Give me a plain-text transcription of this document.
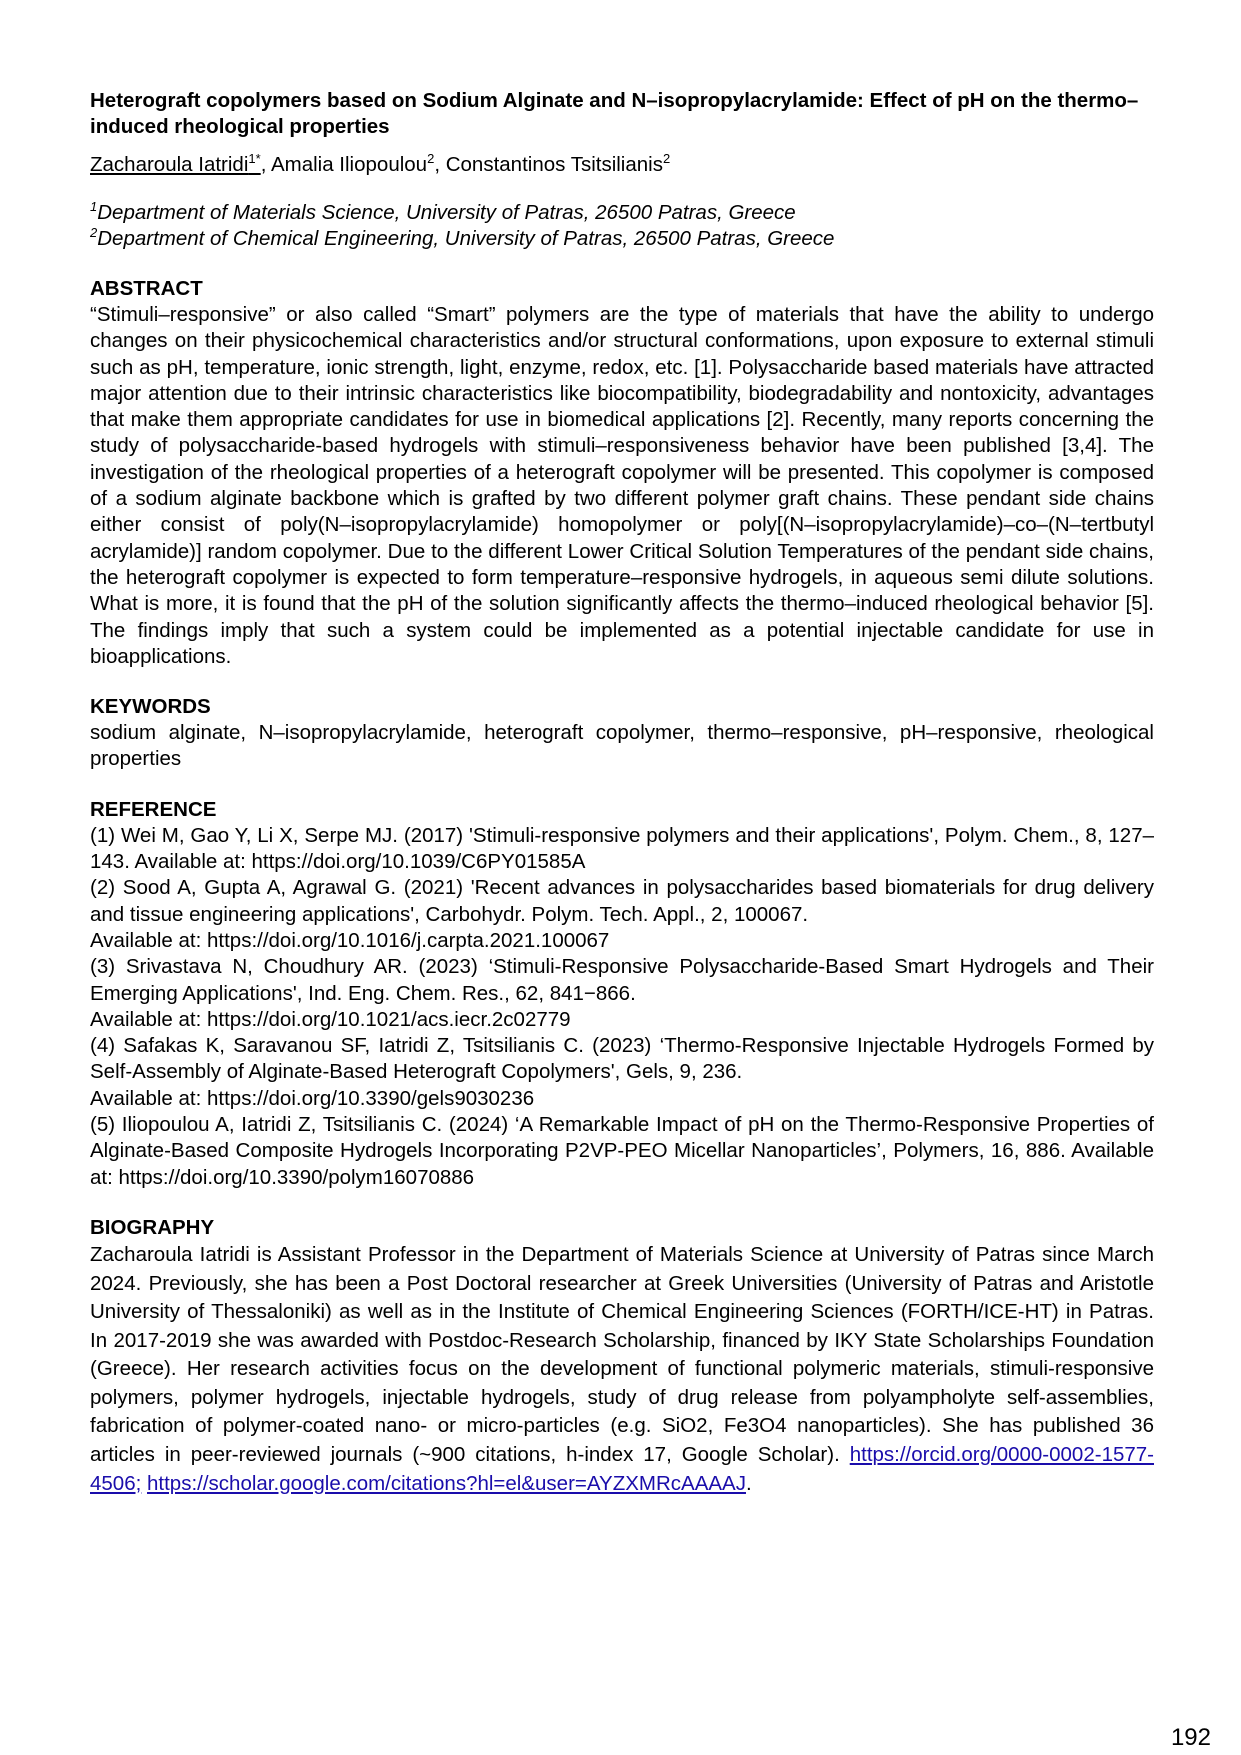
Heterograft copolymers based on Sodium Alginate and N–isopropylacrylamide: Effect of pH on the thermo–induced rheological properties

Zacharoula Iatridi$^{1*}$, Amalia Iliopoulou$^2$, Constantinos Tsitsilianis$^2$
$^1$Department of Materials Science, University of Patras, 26500 Patras, Greece
$^2$Department of Chemical Engineering, University of Patras, 26500 Patras, Greece

ABSTRACT

“Stimuli–responsive” or also called “Smart” polymers are the type of materials that have the ability to undergo changes on their physicochemical characteristics and/or structural conformations, upon exposure to external stimuli such as pH, temperature, ionic strength, light, enzyme, redox, etc. [1]. Polysaccharide based materials have attracted major attention due to their intrinsic characteristics like biocompatibility, biodegradability and nontoxicity, advantages that make them appropriate candidates for use in biomedical applications [2]. Recently, many reports concerning the study of polysaccharide-based hydrogels with stimuli–responsiveness behavior have been published [3,4]. The investigation of the rheological properties of a heterograft copolymer will be presented. This copolymer is composed of a sodium alginate backbone which is grafted by two different polymer graft chains. These pendant side chains either consist of poly(N–isopropylacrylamide) homopolymer or poly[(N–isopropylacrylamide)–co–(N–tertbutyl acrylamide)] random copolymer. Due to the different Lower Critical Solution Temperatures of the pendant side chains, the heterograft copolymer is expected to form temperature–responsive hydrogels, in aqueous semi dilute solutions. What is more, it is found that the pH of the solution significantly affects the thermo–induced rheological behavior [5]. The findings imply that such a system could be implemented as a potential injectable candidate for use in bioapplications.

KEYWORDS

sodium alginate, N–isopropylacrylamide, heterograft copolymer, thermo–responsive, pH–responsive, rheological properties

REFERENCE

(1) Wei M, Gao Y, Li X, Serpe MJ. (2017) 'Stimuli-responsive polymers and their applications', Polym. Chem., 8, 127–143. Available at: https://doi.org/10.1039/C6PY01585A

(2) Sood A, Gupta A, Agrawal G. (2021) 'Recent advances in polysaccharides based biomaterials for drug delivery and tissue engineering applications', Carbohydr. Polym. Tech. Appl., 2, 100067.

Available at: https://doi.org/10.1016/j.carpta.2021.100067

(3) Srivastava N, Choudhury AR. (2023) ‘Stimuli-Responsive Polysaccharide-Based Smart Hydrogels and Their Emerging Applications', Ind. Eng. Chem. Res., 62, 841−866.

Available at: https://doi.org/10.1021/acs.iecr.2c02779

(4) Safakas K, Saravanou SF, Iatridi Z, Tsitsilianis C. (2023) ‘Thermo-Responsive Injectable Hydrogels Formed by Self-Assembly of Alginate-Based Heterograft Copolymers', Gels, 9, 236.

Available at: https://doi.org/10.3390/gels9030236

(5) Iliopoulou A, Iatridi Z, Tsitsilianis C. (2024) ‘A Remarkable Impact of pH on the Thermo-Responsive Properties of Alginate-Based Composite Hydrogels Incorporating P2VP-PEO Micellar Nanoparticles’, Polymers, 16, 886. Available at: https://doi.org/10.3390/polym16070886

BIOGRAPHY

Zacharoula Iatridi is Assistant Professor in the Department of Materials Science at University of Patras since March 2024. Previously, she has been a Post Doctoral researcher at Greek Universities (University of Patras and Aristotle University of Thessaloniki) as well as in the Institute of Chemical Engineering Sciences (FORTH/ICE-HT) in Patras. In 2017-2019 she was awarded with Postdoc-Research Scholarship, financed by IKY State Scholarships Foundation (Greece). Her research activities focus on the development of functional polymeric materials, stimuli-responsive polymers, polymer hydrogels, injectable hydrogels, study of drug release from polyampholyte self-assemblies, fabrication of polymer-coated nano- or micro-particles (e.g. SiO2, Fe3O4 nanoparticles). She has published 36 articles in peer-reviewed journals (~900 citations, h-index 17, Google Scholar). https://orcid.org/0000-0002-1577-4506; https://scholar.google.com/citations?hl=el&user=AYZXMRcAAAAJ.

192
